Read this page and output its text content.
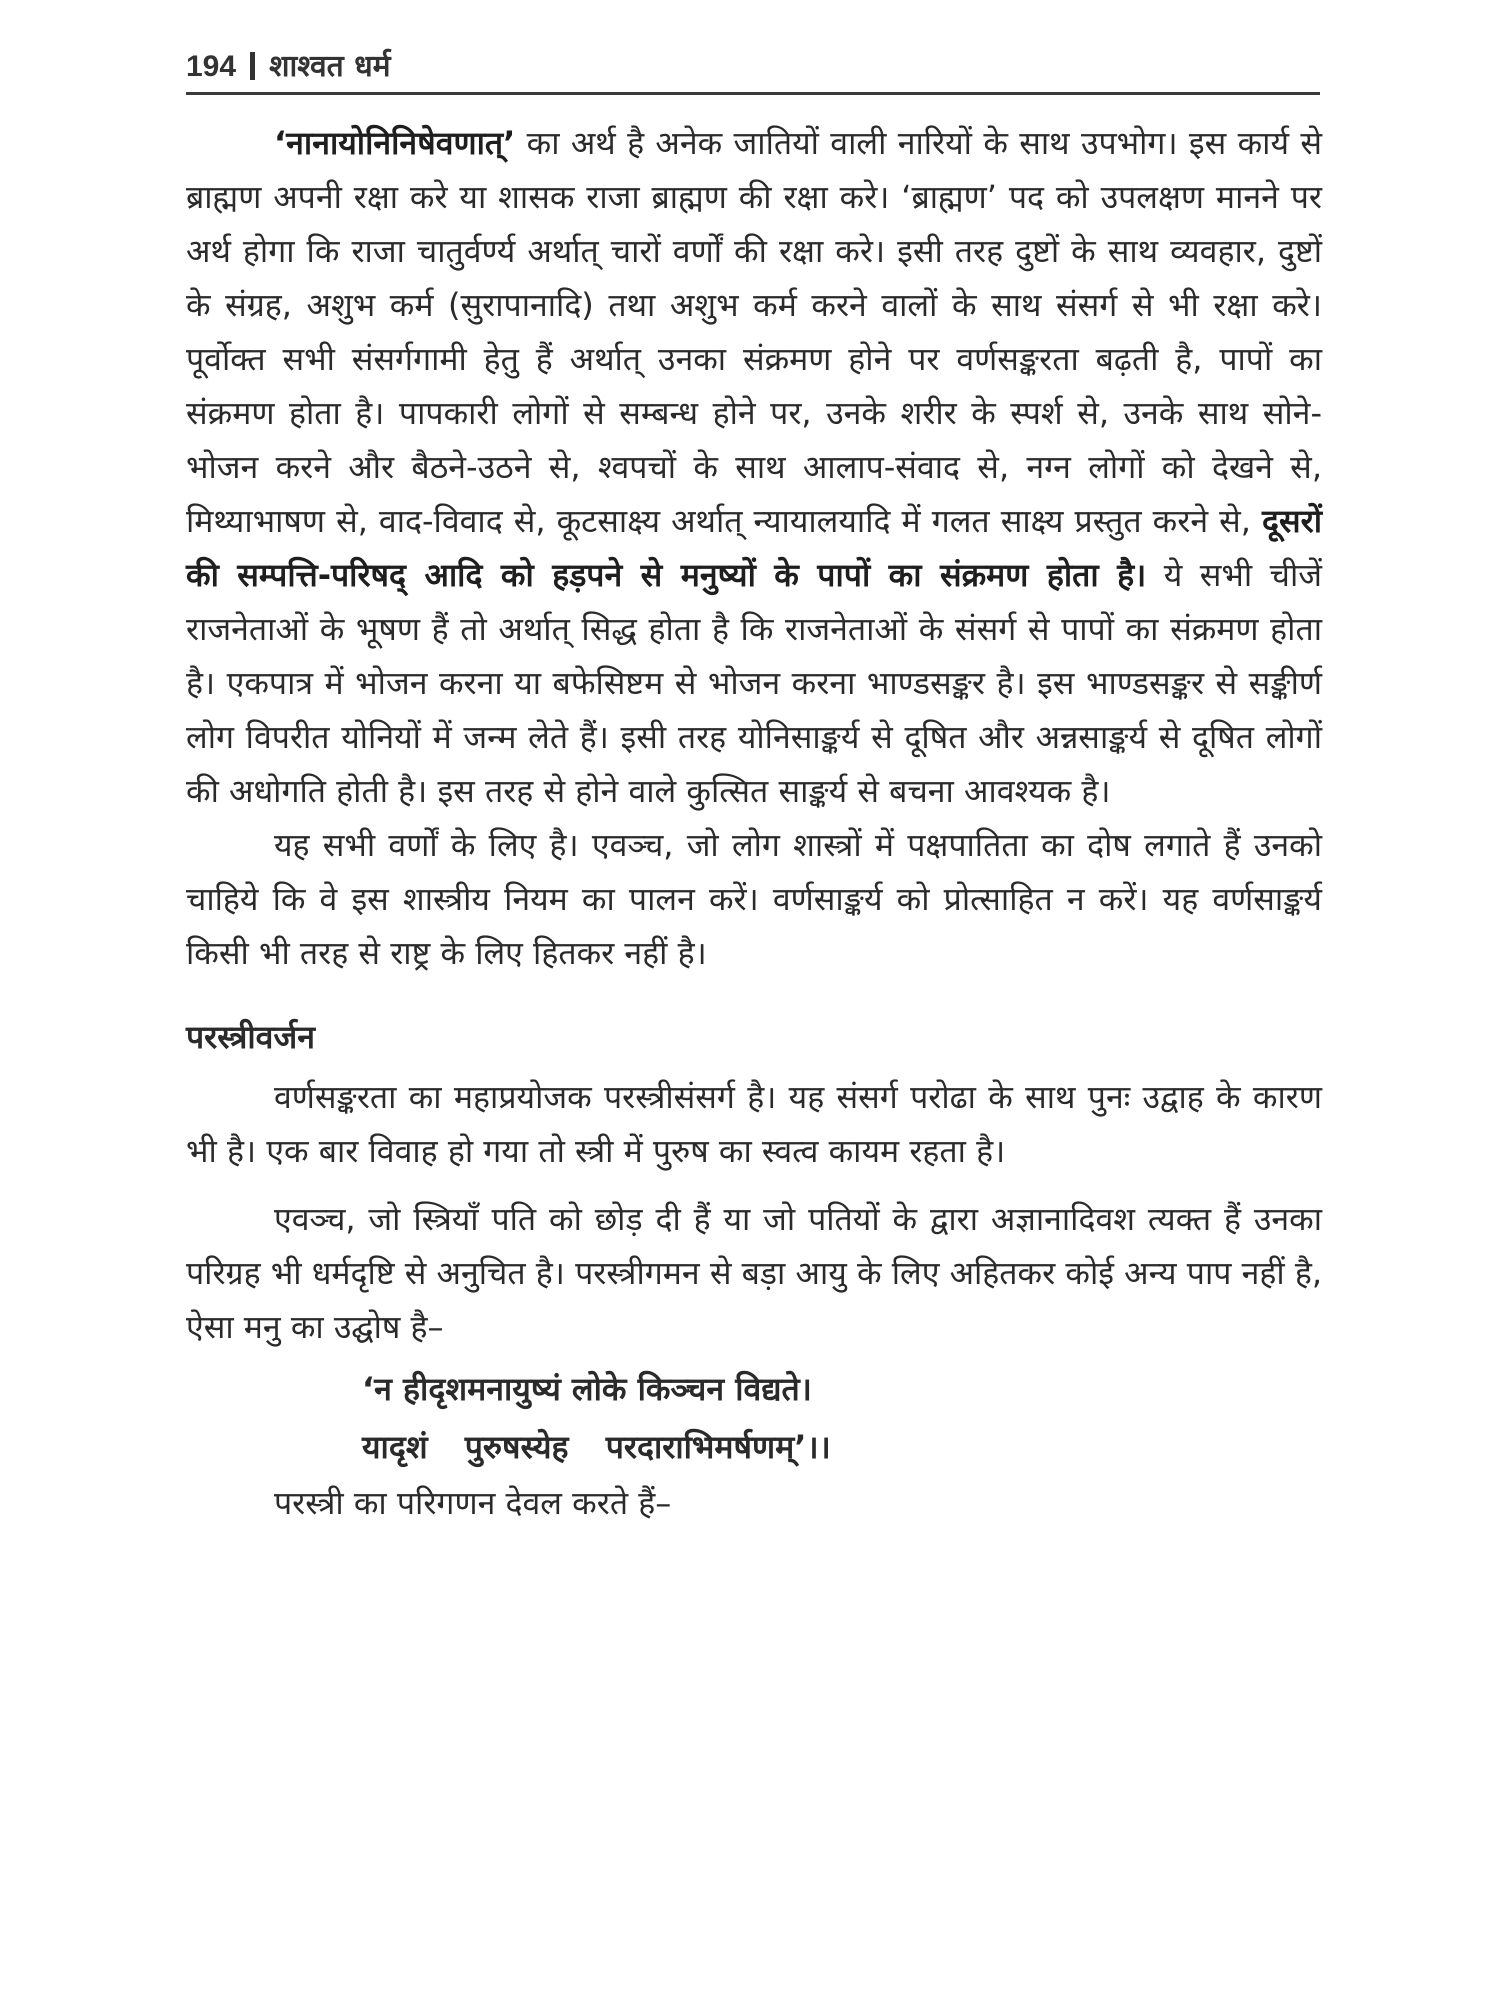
194 शाश्वत धर्म

‘नानायोनिनिषेवणात्’ का अर्थ है अनेक जातियों वाली नारियों के साथ उपभोग। इस कार्य से ब्राह्मण अपनी रक्षा करे या शासक राजा ब्राह्मण की रक्षा करे। ‘ब्राह्मण’ पद को उपलक्षण मानने पर अर्थ होगा कि राजा चातुर्वर्ण्य अर्थात् चारों वर्णों की रक्षा करे। इसी तरह दुष्टों के साथ व्यवहार, दुष्टों के संग्रह, अशुभ कर्म (सुरापानादि) तथा अशुभ कर्म करने वालों के साथ संसर्ग से भी रक्षा करे। पूर्वोक्त सभी संसर्गगामी हेतु हैं अर्थात् उनका संक्रमण होने पर वर्णसङ्करता बढ़ती है, पापों का संक्रमण होता है। पापकारी लोगों से सम्बन्ध होने पर, उनके शरीर के स्पर्श से, उनके साथ सोने-भोजन करने और बैठने-उठने से, श्वपचों के साथ आलाप-संवाद से, नग्न लोगों को देखने से, मिथ्याभाषण से, वाद-विवाद से, कूटसाक्ष्य अर्थात् न्यायालयादि में गलत साक्ष्य प्रस्तुत करने से, दूसरों की सम्पत्ति-परिषद् आदि को हड़पने से मनुष्यों के पापों का संक्रमण होता है। ये सभी चीजें राजनेताओं के भूषण हैं तो अर्थात् सिद्ध होता है कि राजनेताओं के संसर्ग से पापों का संक्रमण होता है। एकपात्र में भोजन करना या बफेसिष्टम से भोजन करना भाण्डसङ्कर है। इस भाण्डसङ्कर से सङ्कीर्ण लोग विपरीत योनियों में जन्म लेते हैं। इसी तरह योनिसाङ्कर्य से दूषित और अन्नसाङ्कर्य से दूषित लोगों की अधोगति होती है। इस तरह से होने वाले कुत्सित साङ्कर्य से बचना आवश्यक है।

यह सभी वर्णों के लिए है। एवञ्च, जो लोग शास्त्रों में पक्षपातिता का दोष लगाते हैं उनको चाहिये कि वे इस शास्त्रीय नियम का पालन करें। वर्णसाङ्कर्य को प्रोत्साहित न करें। यह वर्णसाङ्कर्य किसी भी तरह से राष्ट्र के लिए हितकर नहीं है।

परस्त्रीवर्जन

वर्णसङ्करता का महाप्रयोजक परस्त्रीसंसर्ग है। यह संसर्ग परोढा के साथ पुनः उद्वाह के कारण भी है। एक बार विवाह हो गया तो स्त्री में पुरुष का स्वत्व कायम रहता है।

एवञ्च, जो स्त्रियाँ पति को छोड़ दी हैं या जो पतियों के द्वारा अज्ञानादिवश त्यक्त हैं उनका परिग्रह भी धर्मदृष्टि से अनुचित है। परस्त्रीगमन से बड़ा आयु के लिए अहितकर कोई अन्य पाप नहीं है, ऐसा मनु का उद्घोष है–

‘न हीदृशमनायुष्यं लोके किञ्चन विद्यते।
यादृशं पुरुषस्येह परदाराभिमर्षणम्’।।

परस्त्री का परिगणन देवल करते हैं–
